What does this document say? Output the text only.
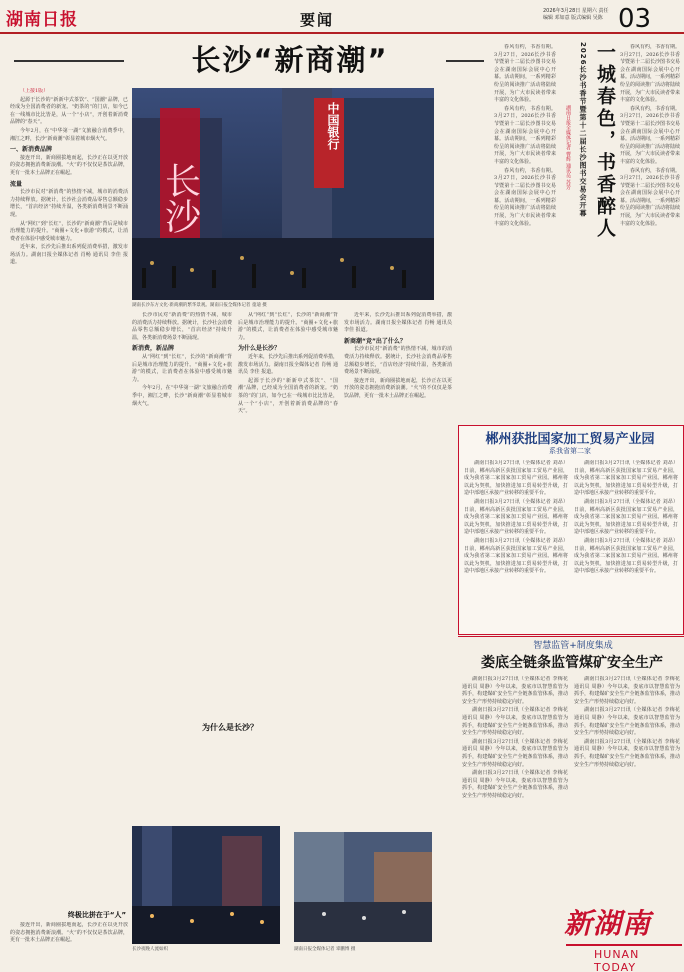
湖南日报	要闻	2026年3月28日 星期六 责任编辑 邓如意 版式编辑 吴陈 03
长沙“新商潮”

（上接1版）

起源于长沙的“新新中式茶饮”、“国潮”品牌，已经成为全国消费者的新宠。“奶茶的”的门店，如今已在一线城市比比皆是，从一个“小店”，开创着新消费品牌的“春天”。

今年2月，在“中华第一湖”文旅融合消费季中，湘江之畔，长沙“新商潮”彰显着城市烟火气。

一、新消费品牌

接连开出，新商圈拔地而起，长沙正在以更开放的姿态拥抱消费新浪潮。“火”的不仅仅是茶饮品牌，更有一批本土品牌正在崛起。

流量

长沙市民对“新消费”的热情不减，城市的消费活力持续释放。据统计，长沙社会消费品零售总额稳步增长，“首店经济”持续升温，各类新消费场景不断涌现。

从“网红”到“长红”，长沙的“新商潮”背后是城市治理能力的提升。“商圈+文化+旅游”的模式，让消费者在体验中感受城市魅力。

近年来，长沙先后推出系列促消费举措，激发市场活力。湖南日报全媒体记者 肖畅 通讯员 李佳 报道。

长沙
中国银行
湖南长沙东方文化·新商潮的繁华景观。湖南日报全媒体记者 童迪 摄

长沙市民对“新消费”的热情不减，城市的消费活力持续释放。据统计，长沙社会消费品零售总额稳步增长，“首店经济”持续升温，各类新消费场景不断涌现。

新消费，新品牌

从“网红”到“长红”，长沙的“新商潮”背后是城市治理能力的提升。“商圈+文化+旅游”的模式，让消费者在体验中感受城市魅力。

今年2月，在“中华第一湖”文旅融合消费季中，湘江之畔，长沙“新商潮”彰显着城市烟火气。

从“网红”到“长红”，长沙的“新商潮”背后是城市治理能力的提升。“商圈+文化+旅游”的模式，让消费者在体验中感受城市魅力。

为什么是长沙？

近年来，长沙先后推出系列促消费举措，激发市场活力。湖南日报全媒体记者 肖畅 通讯员 李佳 报道。

起源于长沙的“新新中式茶饮”、“国潮”品牌，已经成为全国消费者的新宠。“奶茶的”的门店，如今已在一线城市比比皆是，从一个“小店”，开创着新消费品牌的“春天”。

近年来，长沙先后推出系列促消费举措，激发市场活力。湖南日报全媒体记者 肖畅 通讯员 李佳 报道。

新商潮“竞”出了什么？

长沙市民对“新消费”的热情不减，城市的消费活力持续释放。据统计，长沙社会消费品零售总额稳步增长，“首店经济”持续升温，各类新消费场景不断涌现。

接连开出，新商圈拔地而起，长沙正在以更开放的姿态拥抱消费新浪潮。“火”的不仅仅是茶饮品牌，更有一批本土品牌正在崛起。

为什么是长沙？

春风有约，书香有期。3月27日，2026长沙书香节暨第十二届长沙图书交易会在湖南国际会展中心开幕。活动期间，一系列精彩纷呈的阅读推广活动将陆续开展，为广大市民读者带来丰富的文化体验。

春风有约，书香有期。3月27日，2026长沙书香节暨第十二届长沙图书交易会在湖南国际会展中心开幕。活动期间，一系列精彩纷呈的阅读推广活动将陆续开展，为广大市民读者带来丰富的文化体验。

春风有约，书香有期。3月27日，2026长沙书香节暨第十二届长沙图书交易会在湖南国际会展中心开幕。活动期间，一系列精彩纷呈的阅读推广活动将陆续开展，为广大市民读者带来丰富的文化体验。

春风有约，书香有期。3月27日，2026长沙书香节暨第十二届长沙图书交易会在湖南国际会展中心开幕。活动期间，一系列精彩纷呈的阅读推广活动将陆续开展，为广大市民读者带来丰富的文化体验。

春风有约，书香有期。3月27日，2026长沙书香节暨第十二届长沙图书交易会在湖南国际会展中心开幕。活动期间，一系列精彩纷呈的阅读推广活动将陆续开展，为广大市民读者带来丰富的文化体验。

春风有约，书香有期。3月27日，2026长沙书香节暨第十二届长沙图书交易会在湖南国际会展中心开幕。活动期间，一系列精彩纷呈的阅读推广活动将陆续开展，为广大市民读者带来丰富的文化体验。

2026长沙书香节暨第十二届长沙图书交易会开幕 一城春色，书香醉人
湖南日报全媒体记者 曹辉 通讯员 苏芳
郴州获批国家加工贸易产业园
系我省第二家

湖南日报3月27日讯（全媒体记者 刘昂）日前，郴州高新区获批国家加工贸易产业园，成为我省第二家国家加工贸易产业园。郴州将以此为契机，加快推进加工贸易转型升级，打造中部地区承接产业转移的重要平台。

湖南日报3月27日讯（全媒体记者 刘昂）日前，郴州高新区获批国家加工贸易产业园，成为我省第二家国家加工贸易产业园。郴州将以此为契机，加快推进加工贸易转型升级，打造中部地区承接产业转移的重要平台。

湖南日报3月27日讯（全媒体记者 刘昂）日前，郴州高新区获批国家加工贸易产业园，成为我省第二家国家加工贸易产业园。郴州将以此为契机，加快推进加工贸易转型升级，打造中部地区承接产业转移的重要平台。

湖南日报3月27日讯（全媒体记者 刘昂）日前，郴州高新区获批国家加工贸易产业园，成为我省第二家国家加工贸易产业园。郴州将以此为契机，加快推进加工贸易转型升级，打造中部地区承接产业转移的重要平台。

湖南日报3月27日讯（全媒体记者 刘昂）日前，郴州高新区获批国家加工贸易产业园，成为我省第二家国家加工贸易产业园。郴州将以此为契机，加快推进加工贸易转型升级，打造中部地区承接产业转移的重要平台。

湖南日报3月27日讯（全媒体记者 刘昂）日前，郴州高新区获批国家加工贸易产业园，成为我省第二家国家加工贸易产业园。郴州将以此为契机，加快推进加工贸易转型升级，打造中部地区承接产业转移的重要平台。

智慧监管+制度集成
娄底全链条监管煤矿安全生产

湖南日报3月27日讯（全媒体记者 李梅花 通讯员 周静）今年以来，娄底市以智慧监管为抓手，构建煤矿安全生产全链条监管体系，推动安全生产形势持续稳定向好。

湖南日报3月27日讯（全媒体记者 李梅花 通讯员 周静）今年以来，娄底市以智慧监管为抓手，构建煤矿安全生产全链条监管体系，推动安全生产形势持续稳定向好。

湖南日报3月27日讯（全媒体记者 李梅花 通讯员 周静）今年以来，娄底市以智慧监管为抓手，构建煤矿安全生产全链条监管体系，推动安全生产形势持续稳定向好。

湖南日报3月27日讯（全媒体记者 李梅花 通讯员 周静）今年以来，娄底市以智慧监管为抓手，构建煤矿安全生产全链条监管体系，推动安全生产形势持续稳定向好。

湖南日报3月27日讯（全媒体记者 李梅花 通讯员 周静）今年以来，娄底市以智慧监管为抓手，构建煤矿安全生产全链条监管体系，推动安全生产形势持续稳定向好。

湖南日报3月27日讯（全媒体记者 李梅花 通讯员 周静）今年以来，娄底市以智慧监管为抓手，构建煤矿安全生产全链条监管体系，推动安全生产形势持续稳定向好。

湖南日报3月27日讯（全媒体记者 李梅花 通讯员 周静）今年以来，娄底市以智慧监管为抓手，构建煤矿安全生产全链条监管体系，推动安全生产形势持续稳定向好。

长沙夜晚人流如织	湖南日报全媒体记者 辜鹏博 摄
终极比拼在于“人”

接连开出，新商圈拔地而起，长沙正在以更开放的姿态拥抱消费新浪潮。“火”的不仅仅是茶饮品牌，更有一批本土品牌正在崛起。

新湖南
HUNAN TODAY
